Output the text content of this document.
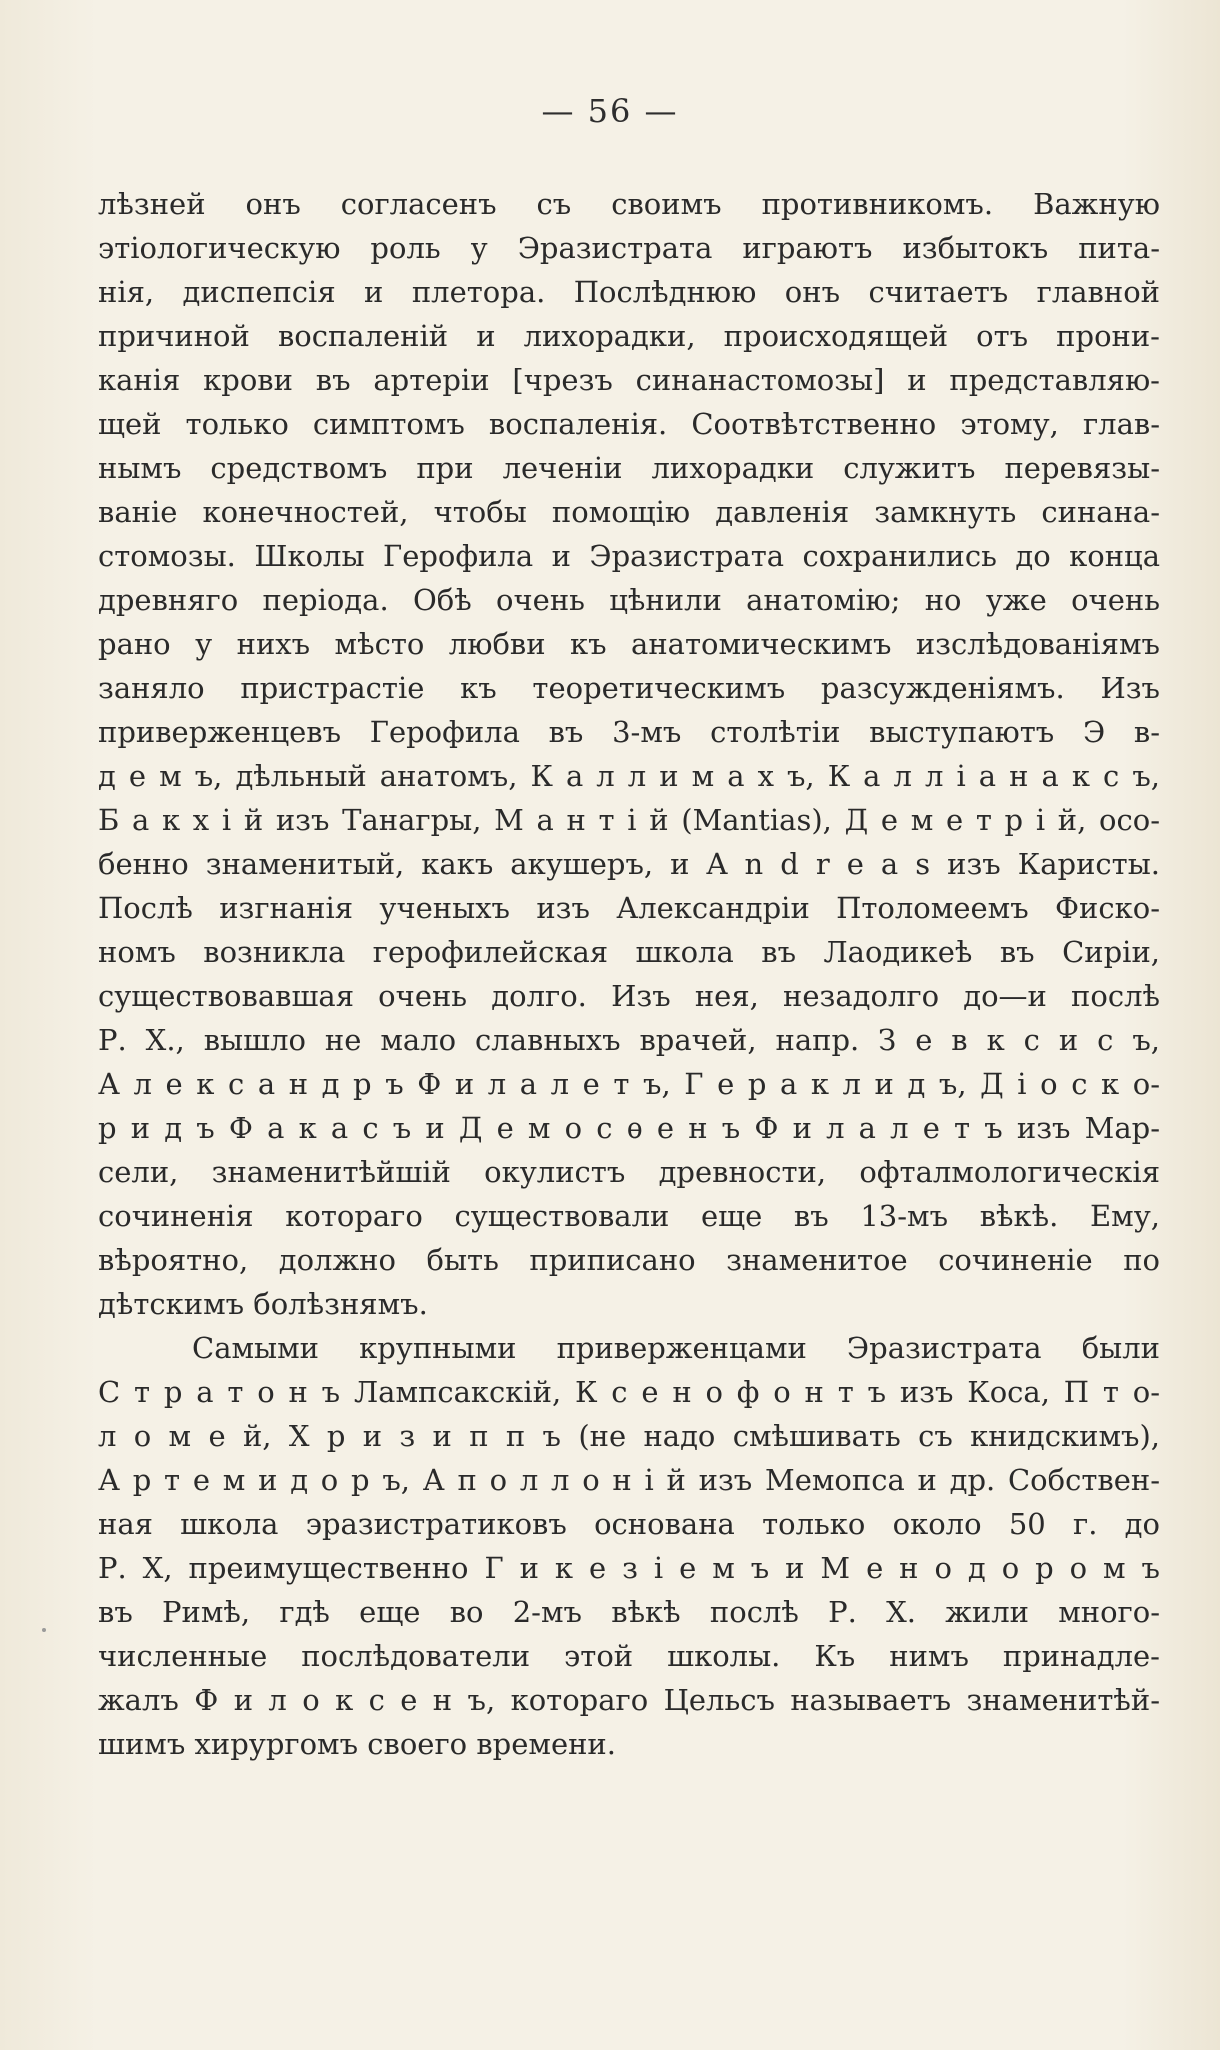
— 56 —
лѣзней онъ согласенъ съ своимъ противникомъ. Важную
этіологическую роль у Эразистрата играютъ избытокъ пита-
нія, диспепсія и плетора. Послѣднюю онъ считаетъ главной
причиной воспаленій и лихорадки, происходящей отъ прони-
канія крови въ артеріи [чрезъ синанастомозы] и представляю-
щей только симптомъ воспаленія. Соотвѣтственно этому, глав-
нымъ средствомъ при леченіи лихорадки служитъ перевязы-
ваніе конечностей, чтобы помощію давленія замкнуть синана-
стомозы. Школы Герофила и Эразистрата сохранились до конца
древняго періода. Обѣ очень цѣнили анатомію; но уже очень
рано у нихъ мѣсто любви къ анатомическимъ изслѣдованіямъ
заняло пристрастіе къ теоретическимъ разсужденіямъ. Изъ
приверженцевъ Герофила въ 3-мъ столѣтіи выступаютъ Э в-
д е м ъ, дѣльный анатомъ, К а л л и м а х ъ, К а л л і а н а к с ъ,
Б а к х і й изъ Танагры, М а н т і й (Mantias), Д е м е т р і й, осо-
бенно знаменитый, какъ акушеръ, и A n d r e a s изъ Каристы.
Послѣ изгнанія ученыхъ изъ Александріи Птоломеемъ Фиско-
номъ возникла герофилейская школа въ Лаодикеѣ въ Сиріи,
существовавшая очень долго. Изъ нея, незадолго до—и послѣ
Р. Х., вышло не мало славныхъ врачей, напр. З е в к с и с ъ,
А л е к с а н д р ъ Ф и л а л е т ъ, Г е р а к л и д ъ, Д і о с к о-
р и д ъ Ф а к а с ъ и Д е м о с ѳ е н ъ Ф и л а л е т ъ изъ Мар-
сели, знаменитѣйшій окулистъ древности, офталмологическія
сочиненія котораго существовали еще въ 13-мъ вѣкѣ. Ему,
вѣроятно, должно быть приписано знаменитое сочиненіе по
дѣтскимъ болѣзнямъ.
Самыми крупными приверженцами Эразистрата были
С т р а т о н ъ Лампсакскій, К с е н о ф о н т ъ изъ Коса, П т о-
л о м е й, Х р и з и п п ъ (не надо смѣшивать съ книдскимъ),
А р т е м и д о р ъ, А п о л л о н і й изъ Мемопса и др. Собствен-
ная школа эразистратиковъ основана только около 50 г. до
Р. Х, преимущественно Г и к е з і е м ъ и М е н о д о р о м ъ
въ Римѣ, гдѣ еще во 2-мъ вѣкѣ послѣ Р. Х. жили много-
численные послѣдователи этой школы. Къ нимъ принадле-
жалъ Ф и л о к с е н ъ, котораго Цельсъ называетъ знаменитѣй-
шимъ хирургомъ своего времени.
